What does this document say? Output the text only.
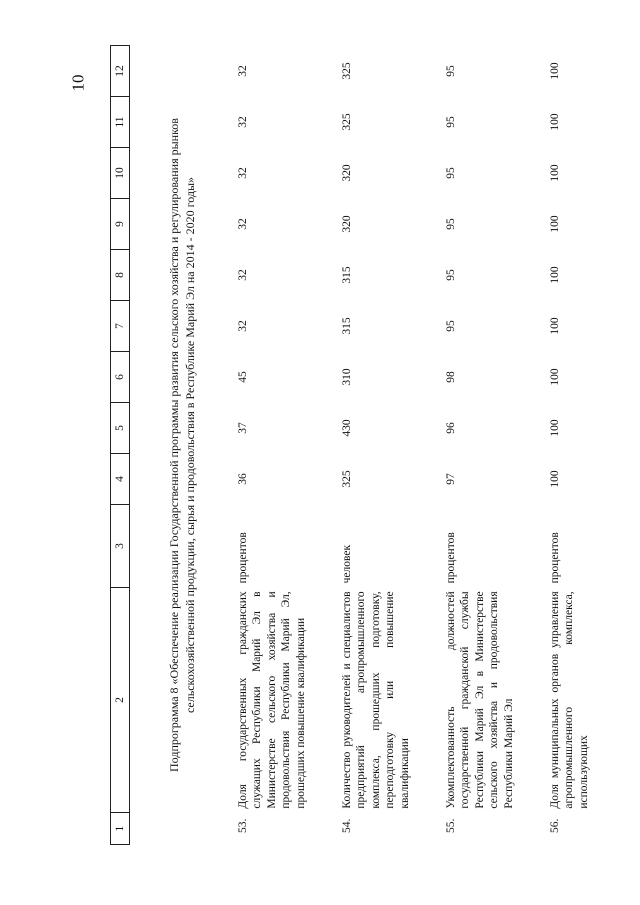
10
1	2	3	4	5	6	7	8	9	10	11	12
Подпрограмма 8 «Обеспечение реализации Государственной программы развития сельского хозяйства и регулирования рынков сельскохозяйственной продукции, сырья и продовольствия в Республике Марий Эл на 2014 - 2020 годы»											
53.	Доля государственных гражданских служащих Республики Марий Эл в Министерстве сельского хозяйства и продовольствия Республики Марий Эл, прошедших повышение квалификации	процентов	36	37	45	32	32	32	32	32	32
54.	Количество руководителей и специалистов предприятий агропромышленного комплекса, прошедших подготовку, переподготовку или повышение квалификации	человек	325	430	310	315	315	320	320	325	325
55.	Укомплектованность должностей государственной гражданской службы Республики Марий Эл в Министерстве сельского хозяйства и продовольствия Республики Марий Эл	процентов	97	96	98	95	95	95	95	95	95
56.	Доля муниципальных органов управления агропромышленного комплекса, использующих	процентов	100	100	100	100	100	100	100	100	100
